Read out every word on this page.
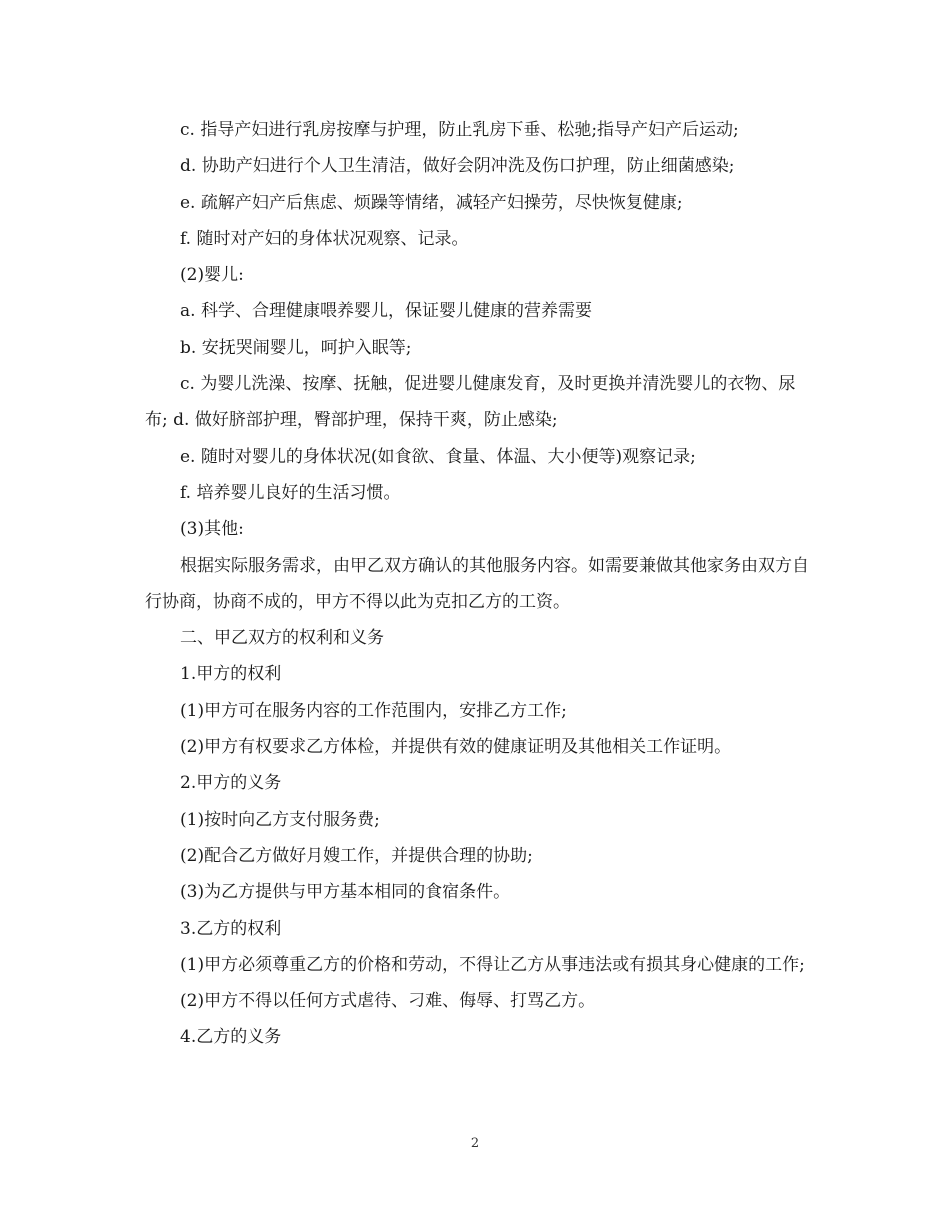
c. 指导产妇进行乳房按摩与护理，防止乳房下垂、松驰;指导产妇产后运动;

d. 协助产妇进行个人卫生清洁，做好会阴冲洗及伤口护理，防止细菌感染;

e. 疏解产妇产后焦虑、烦躁等情绪，减轻产妇操劳，尽快恢复健康;

f. 随时对产妇的身体状况观察、记录。

(2)婴儿:

a. 科学、合理健康喂养婴儿，保证婴儿健康的营养需要

b. 安抚哭闹婴儿，呵护入眠等;

c. 为婴儿洗澡、按摩、抚触，促进婴儿健康发育，及时更换并清洗婴儿的衣物、尿布; d. 做好脐部护理，臀部护理，保持干爽，防止感染;

e. 随时对婴儿的身体状况(如食欲、食量、体温、大小便等)观察记录;

f. 培养婴儿良好的生活习惯。

(3)其他:

根据实际服务需求，由甲乙双方确认的其他服务内容。如需要兼做其他家务由双方自行协商，协商不成的，甲方不得以此为克扣乙方的工资。

二、甲乙双方的权利和义务

1.甲方的权利

(1)甲方可在服务内容的工作范围内，安排乙方工作;

(2)甲方有权要求乙方体检，并提供有效的健康证明及其他相关工作证明。

2.甲方的义务

(1)按时向乙方支付服务费;

(2)配合乙方做好月嫂工作，并提供合理的协助;

(3)为乙方提供与甲方基本相同的食宿条件。

3.乙方的权利

(1)甲方必须尊重乙方的价格和劳动，不得让乙方从事违法或有损其身心健康的工作;

(2)甲方不得以任何方式虐待、刁难、侮辱、打骂乙方。

4.乙方的义务

2
